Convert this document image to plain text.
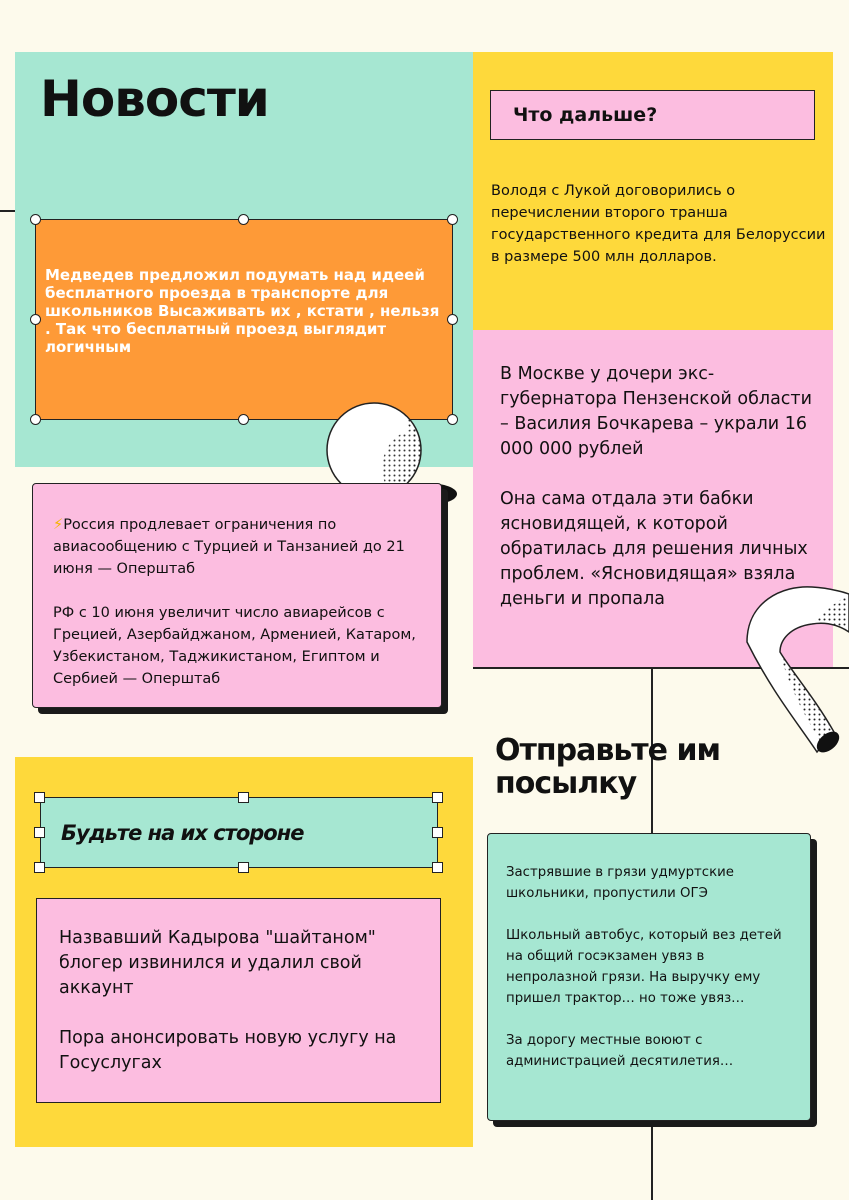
Новости	Что дальше?

Володя с Лукой договорились о перечислении второго транша государственного кредита для Белоруссии в размере 500 млн долларов.

Медведев предложил подумать над идеей бесплатного проезда в транспорте для школьников Высаживать их , кстати , нельзя . Так что бесплатный проезд выглядит логичным

В Москве у дочери экс-губернатора Пензенской области – Василия Бочкарева – украли 16 000 000 рублей

Она сама отдала эти бабки ясновидящей, к которой обратилась для решения личных проблем. «Ясновидящая» взяла деньги и пропала

⚡Россия продлевает ограничения по авиасообщению с Турцией и Танзанией до 21 июня — Оперштаб

РФ с 10 июня увеличит число авиарейсов с Грецией, Азербайджаном, Арменией, Катаром, Узбекистаном, Таджикистаном, Египтом и Сербией — Оперштаб

Отправьте им посылку

Будьте на их стороне

Назвавший Кадырова "шайтаном" блогер извинился и удалил свой аккаунт

Пора анонсировать новую услугу на Госуслугах

Застрявшие в грязи удмуртские школьники, пропустили ОГЭ

Школьный автобус, который вез детей на общий госэкзамен увяз в непролазной грязи. На выручку ему пришел трактор… но тоже увяз…

За дорогу местные воюют с администрацией десятилетия…
